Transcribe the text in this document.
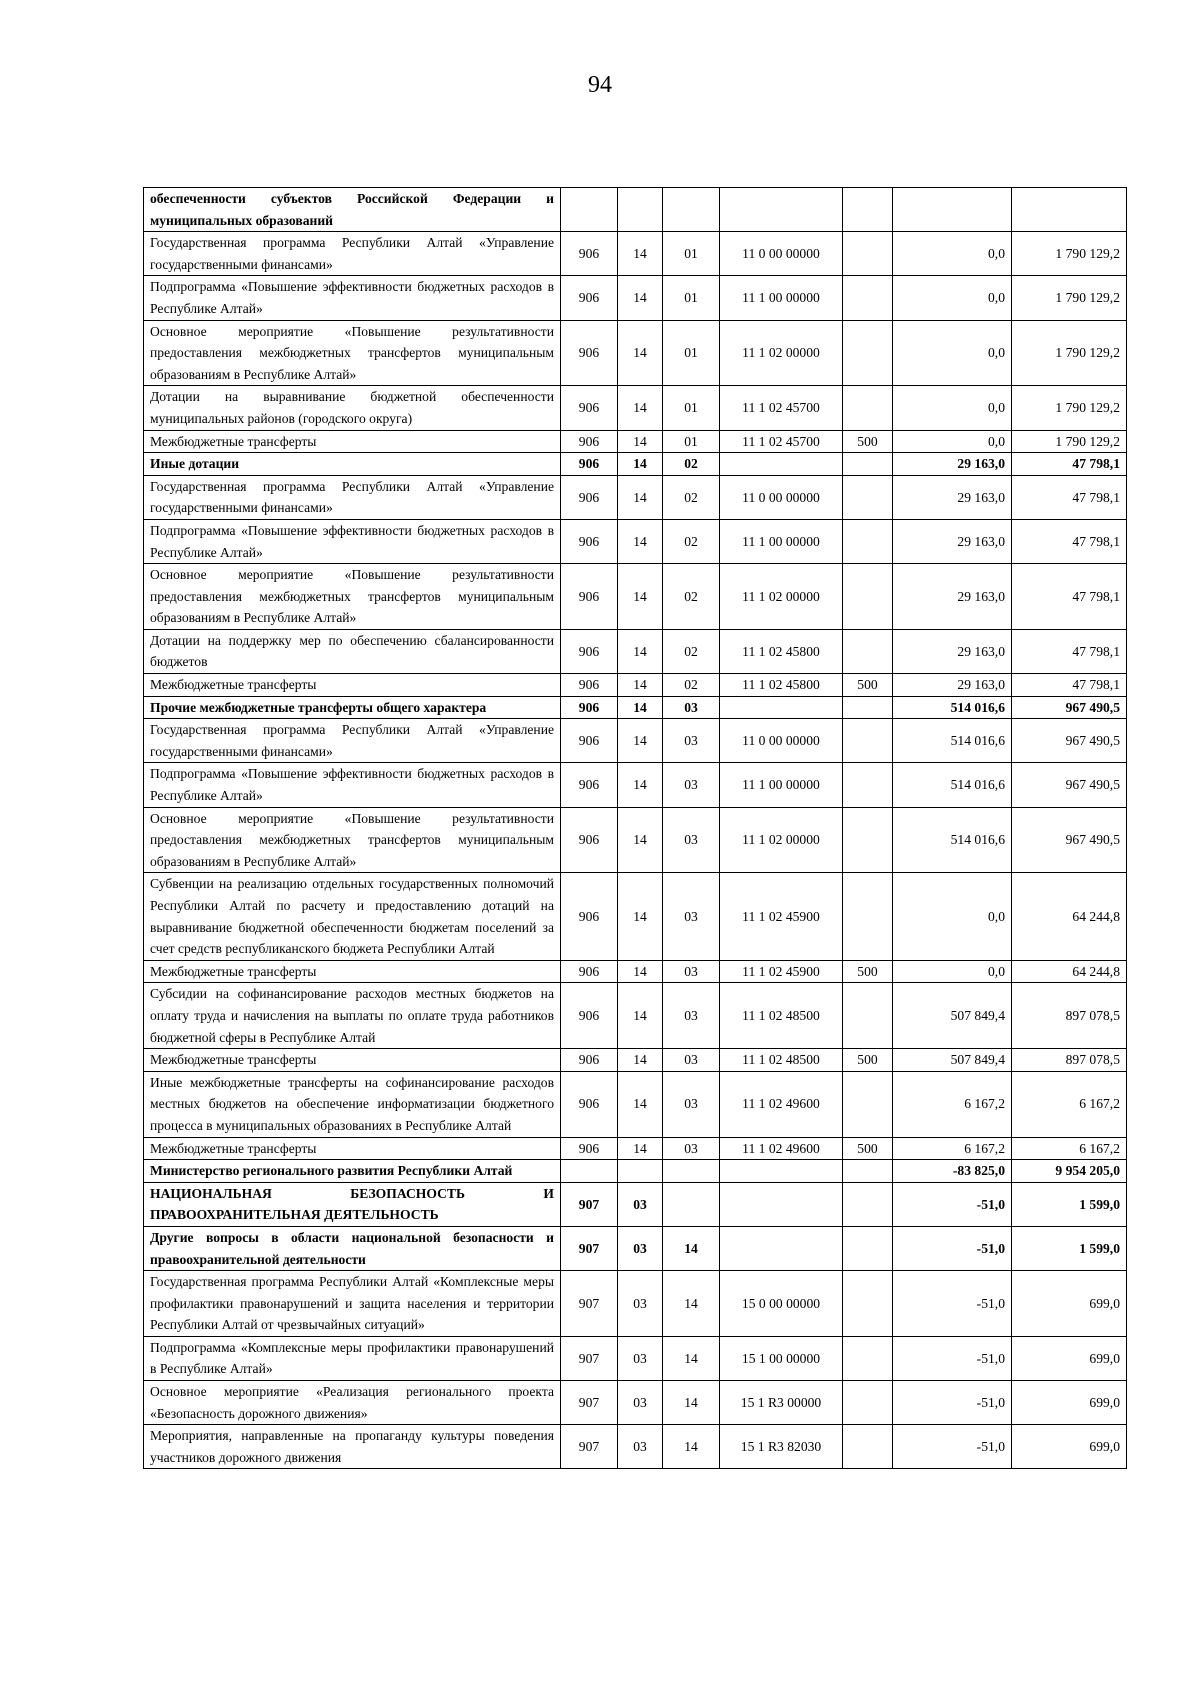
94
обеспеченности субъектов Российской Федерации и муниципальных образований							
Государственная программа Республики Алтай «Управление государственными финансами»	906	14	01	11 0 00 00000		0,0	1 790 129,2
Подпрограмма «Повышение эффективности бюджетных расходов в Республике Алтай»	906	14	01	11 1 00 00000		0,0	1 790 129,2
Основное мероприятие «Повышение результативности предоставления межбюджетных трансфертов муниципальным образованиям в Республике Алтай»	906	14	01	11 1 02 00000		0,0	1 790 129,2
Дотации на выравнивание бюджетной обеспеченности муниципальных районов (городского округа)	906	14	01	11 1 02 45700		0,0	1 790 129,2
Межбюджетные трансферты	906	14	01	11 1 02 45700	500	0,0	1 790 129,2
Иные дотации	906	14	02			29 163,0	47 798,1
Государственная программа Республики Алтай «Управление государственными финансами»	906	14	02	11 0 00 00000		29 163,0	47 798,1
Подпрограмма «Повышение эффективности бюджетных расходов в Республике Алтай»	906	14	02	11 1 00 00000		29 163,0	47 798,1
Основное мероприятие «Повышение результативности предоставления межбюджетных трансфертов муниципальным образованиям в Республике Алтай»	906	14	02	11 1 02 00000		29 163,0	47 798,1
Дотации на поддержку мер по обеспечению сбалансированности бюджетов	906	14	02	11 1 02 45800		29 163,0	47 798,1
Межбюджетные трансферты	906	14	02	11 1 02 45800	500	29 163,0	47 798,1
Прочие межбюджетные трансферты общего характера	906	14	03			514 016,6	967 490,5
Государственная программа Республики Алтай «Управление государственными финансами»	906	14	03	11 0 00 00000		514 016,6	967 490,5
Подпрограмма «Повышение эффективности бюджетных расходов в Республике Алтай»	906	14	03	11 1 00 00000		514 016,6	967 490,5
Основное мероприятие «Повышение результативности предоставления межбюджетных трансфертов муниципальным образованиям в Республике Алтай»	906	14	03	11 1 02 00000		514 016,6	967 490,5
Субвенции на реализацию отдельных государственных полномочий Республики Алтай по расчету и предоставлению дотаций на выравнивание бюджетной обеспеченности бюджетам поселений за счет средств республиканского бюджета Республики Алтай	906	14	03	11 1 02 45900		0,0	64 244,8
Межбюджетные трансферты	906	14	03	11 1 02 45900	500	0,0	64 244,8
Субсидии на софинансирование расходов местных бюджетов на оплату труда и начисления на выплаты по оплате труда работников бюджетной сферы в Республике Алтай	906	14	03	11 1 02 48500		507 849,4	897 078,5
Межбюджетные трансферты	906	14	03	11 1 02 48500	500	507 849,4	897 078,5
Иные межбюджетные трансферты на софинансирование расходов местных бюджетов на обеспечение информатизации бюджетного процесса в муниципальных образованиях в Республике Алтай	906	14	03	11 1 02 49600		6 167,2	6 167,2
Межбюджетные трансферты	906	14	03	11 1 02 49600	500	6 167,2	6 167,2
Министерство регионального развития Республики Алтай						-83 825,0	9 954 205,0
НАЦИОНАЛЬНАЯ БЕЗОПАСНОСТЬ И ПРАВООХРАНИТЕЛЬНАЯ ДЕЯТЕЛЬНОСТЬ	907	03				-51,0	1 599,0
Другие вопросы в области национальной безопасности и правоохранительной деятельности	907	03	14			-51,0	1 599,0
Государственная программа Республики Алтай «Комплексные меры профилактики правонарушений и защита населения и территории Республики Алтай от чрезвычайных ситуаций»	907	03	14	15 0 00 00000		-51,0	699,0
Подпрограмма «Комплексные меры профилактики правонарушений в Республике Алтай»	907	03	14	15 1 00 00000		-51,0	699,0
Основное мероприятие «Реализация регионального проекта «Безопасность дорожного движения»	907	03	14	15 1 R3 00000		-51,0	699,0
Мероприятия, направленные на пропаганду культуры поведения участников дорожного движения	907	03	14	15 1 R3 82030		-51,0	699,0
